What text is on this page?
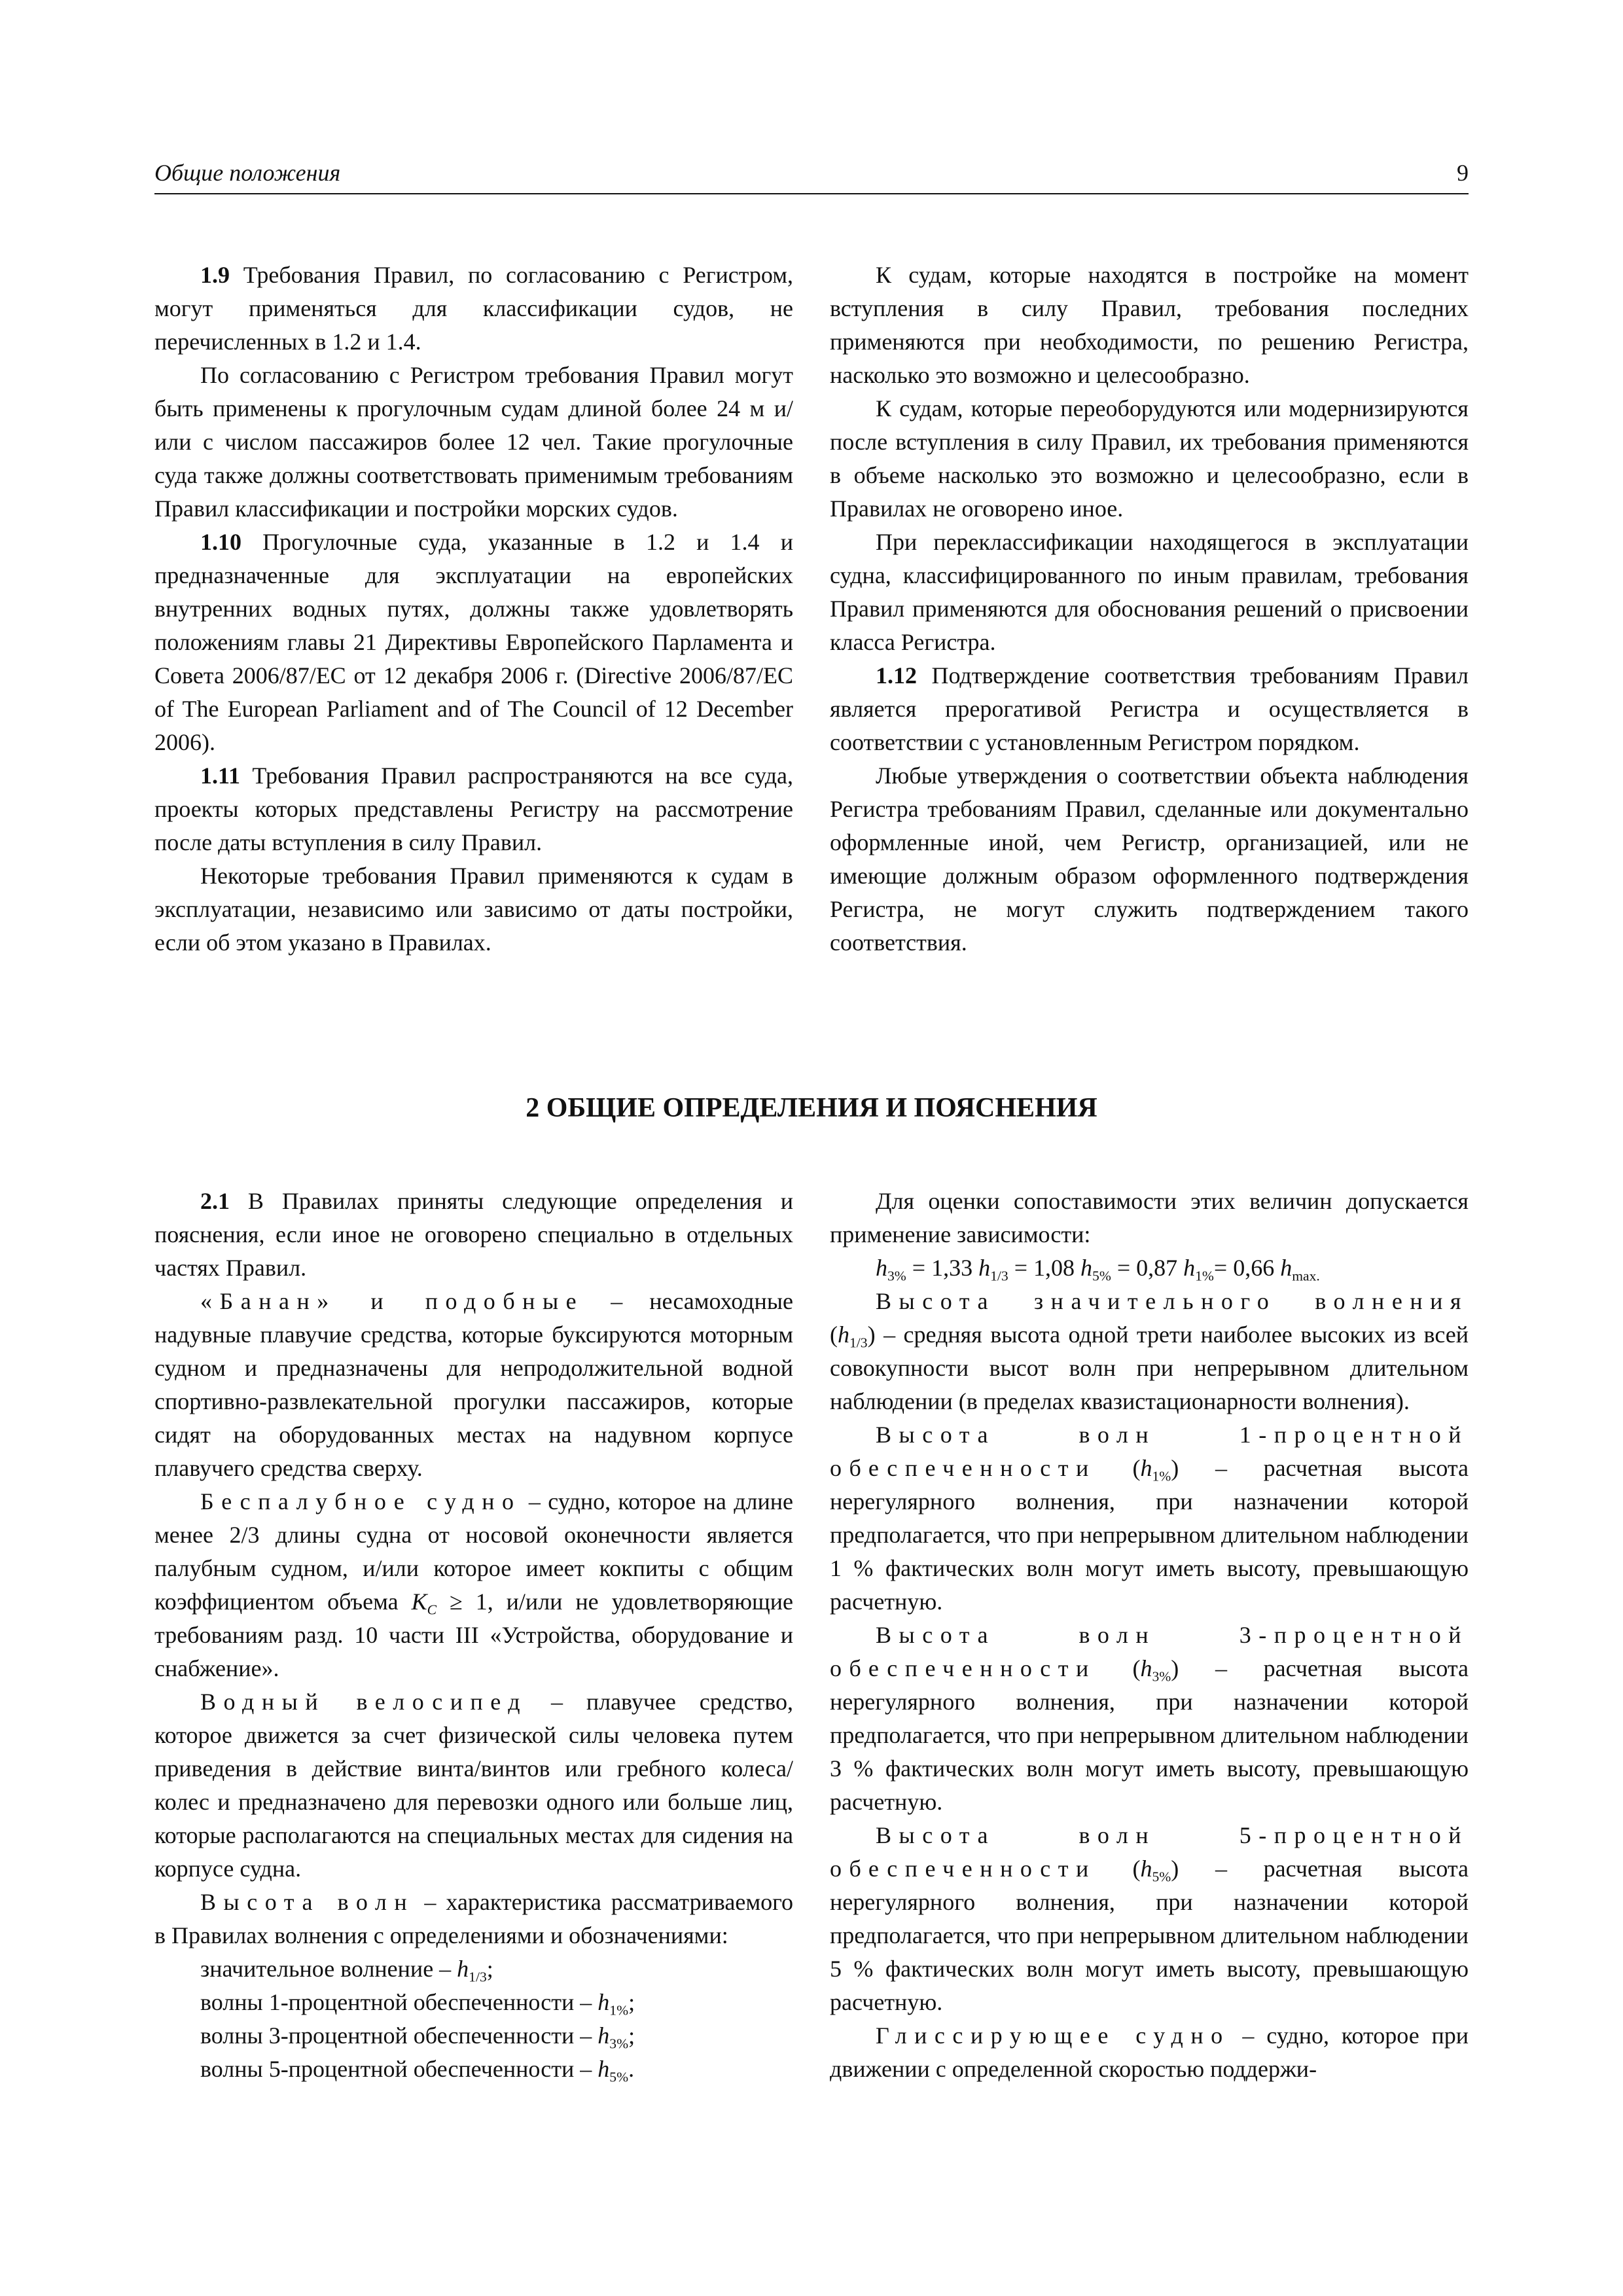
Общие положения	9

1.9 Требования Правил, по согласованию с Регистром, могут применяться для классификации судов, не перечисленных в 1.2 и 1.4.

По согласованию с Регистром требования Правил могут быть применены к прогулочным судам длиной более 24 м и/или с числом пассажиров более 12 чел. Такие прогулочные суда также должны соответствовать применимым требованиям Правил классификации и постройки морских судов.

1.10 Прогулочные суда, указанные в 1.2 и 1.4 и предназначенные для эксплуатации на европейских внутренних водных путях, должны также удовлетворять положениям главы 21 Директивы Европейского Парламента и Совета 2006/87/ЕС от 12 декабря 2006 г. (Directive 2006/87/EC of The European Parliament and of The Council of 12 December 2006).

1.11 Требования Правил распространяются на все суда, проекты которых представлены Регистру на рассмотрение после даты вступления в силу Правил.

Некоторые требования Правил применяются к судам в эксплуатации, независимо или зависимо от даты постройки, если об этом указано в Правилах.

К судам, которые находятся в постройке на момент вступления в силу Правил, требования последних применяются при необходимости, по решению Регистра, насколько это возможно и целесообразно.

К судам, которые переоборудуются или модернизируются после вступления в силу Правил, их требования применяются в объеме насколько это возможно и целесообразно, если в Правилах не оговорено иное.

При переклассификации находящегося в эксплуатации судна, классифицированного по иным правилам, требования Правил применяются для обоснования решений о присвоении класса Регистра.

1.12 Подтверждение соответствия требованиям Правил является прерогативой Регистра и осуществляется в соответствии с установленным Регистром порядком.

Любые утверждения о соответствии объекта наблюдения Регистра требованиям Правил, сделанные или документально оформленные иной, чем Регистр, организацией, или не имеющие должным образом оформленного подтверждения Регистра, не могут служить подтверждением такого соответствия.

2 ОБЩИЕ ОПРЕДЕЛЕНИЯ И ПОЯСНЕНИЯ

2.1 В Правилах приняты следующие определения и пояснения, если иное не оговорено специально в отдельных частях Правил.

«Банан» и подобные – несамоходные надувные плавучие средства, которые буксируются моторным судном и предназначены для непродолжительной водной спортивно-развлекательной прогулки пассажиров, которые сидят на оборудованных местах на надувном корпусе плавучего средства сверху.

Беспалубное судно – судно, которое на длине менее 2/3 длины судна от носовой оконечности является палубным судном, и/или которое имеет кокпиты с общим коэффициентом объема $K_C \ge 1$, и/или не удовлетворяющие требованиям разд. 10 части III «Устройства, оборудование и снабжение».

Водный велосипед – плавучее средство, которое движется за счет физической силы человека путем приведения в действие винта/винтов или гребного колеса/колес и предназначено для перевозки одного или больше лиц, которые располагаются на специальных местах для сидения на корпусе судна.

Высота волн – характеристика рассматриваемого в Правилах волнения с определениями и обозначениями:

значительное волнение – $h_{1/3}$;

волны 1-процентной обеспеченности – $h_{1\%}$;

волны 3-процентной обеспеченности – $h_{3\%}$;

волны 5-процентной обеспеченности – $h_{5\%}$.

Для оценки сопоставимости этих величин допускается применение зависимости:

$h_{3\%} = 1,33$ $h_{1/3} = 1,08$ $h_{5\%} = 0,87$ $h_{1\%}= 0,66$ $h_{max.}$

Высота значительного волнения $(h_{1/3})$ – средняя высота одной трети наиболее высоких из всей совокупности высот волн при непрерывном длительном наблюдении (в пределах квазистационарности волнения).

Высота волн 1-процентной обеспеченности $(h_{1\%})$ – расчетная высота нерегулярного волнения, при назначении которой предполагается, что при непрерывном длительном наблюдении 1 % фактических волн могут иметь высоту, превышающую расчетную.

Высота волн 3-процентной обеспеченности $(h_{3\%})$ – расчетная высота нерегулярного волнения, при назначении которой предполагается, что при непрерывном длительном наблюдении 3 % фактических волн могут иметь высоту, превышающую расчетную.

Высота волн 5-процентной обеспеченности $(h_{5\%})$ – расчетная высота нерегулярного волнения, при назначении которой предполагается, что при непрерывном длительном наблюдении 5 % фактических волн могут иметь высоту, превышающую расчетную.

Глиссирующее судно – судно, которое при движении с определенной скоростью поддержи-
